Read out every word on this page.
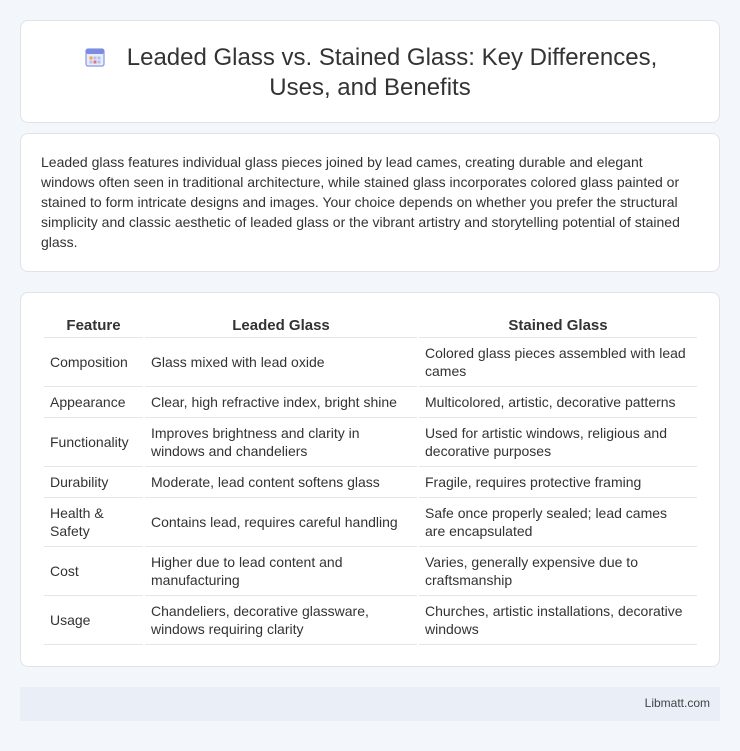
Leaded Glass vs. Stained Glass: Key Differences, Uses, and Benefits

Leaded glass features individual glass pieces joined by lead cames, creating durable and elegant windows often seen in traditional architecture, while stained glass incorporates colored glass painted or stained to form intricate designs and images. Your choice depends on whether you prefer the structural simplicity and classic aesthetic of leaded glass or the vibrant artistry and storytelling potential of stained glass.

Feature	Leaded Glass	Stained Glass
Composition	Glass mixed with lead oxide	Colored glass pieces assembled with lead cames
Appearance	Clear, high refractive index, bright shine	Multicolored, artistic, decorative patterns
Functionality	Improves brightness and clarity in windows and chandeliers	Used for artistic windows, religious and decorative purposes
Durability	Moderate, lead content softens glass	Fragile, requires protective framing
Health & Safety	Contains lead, requires careful handling	Safe once properly sealed; lead cames are encapsulated
Cost	Higher due to lead content and manufacturing	Varies, generally expensive due to craftsmanship
Usage	Chandeliers, decorative glassware, windows requiring clarity	Churches, artistic installations, decorative windows
Libmatt.com
